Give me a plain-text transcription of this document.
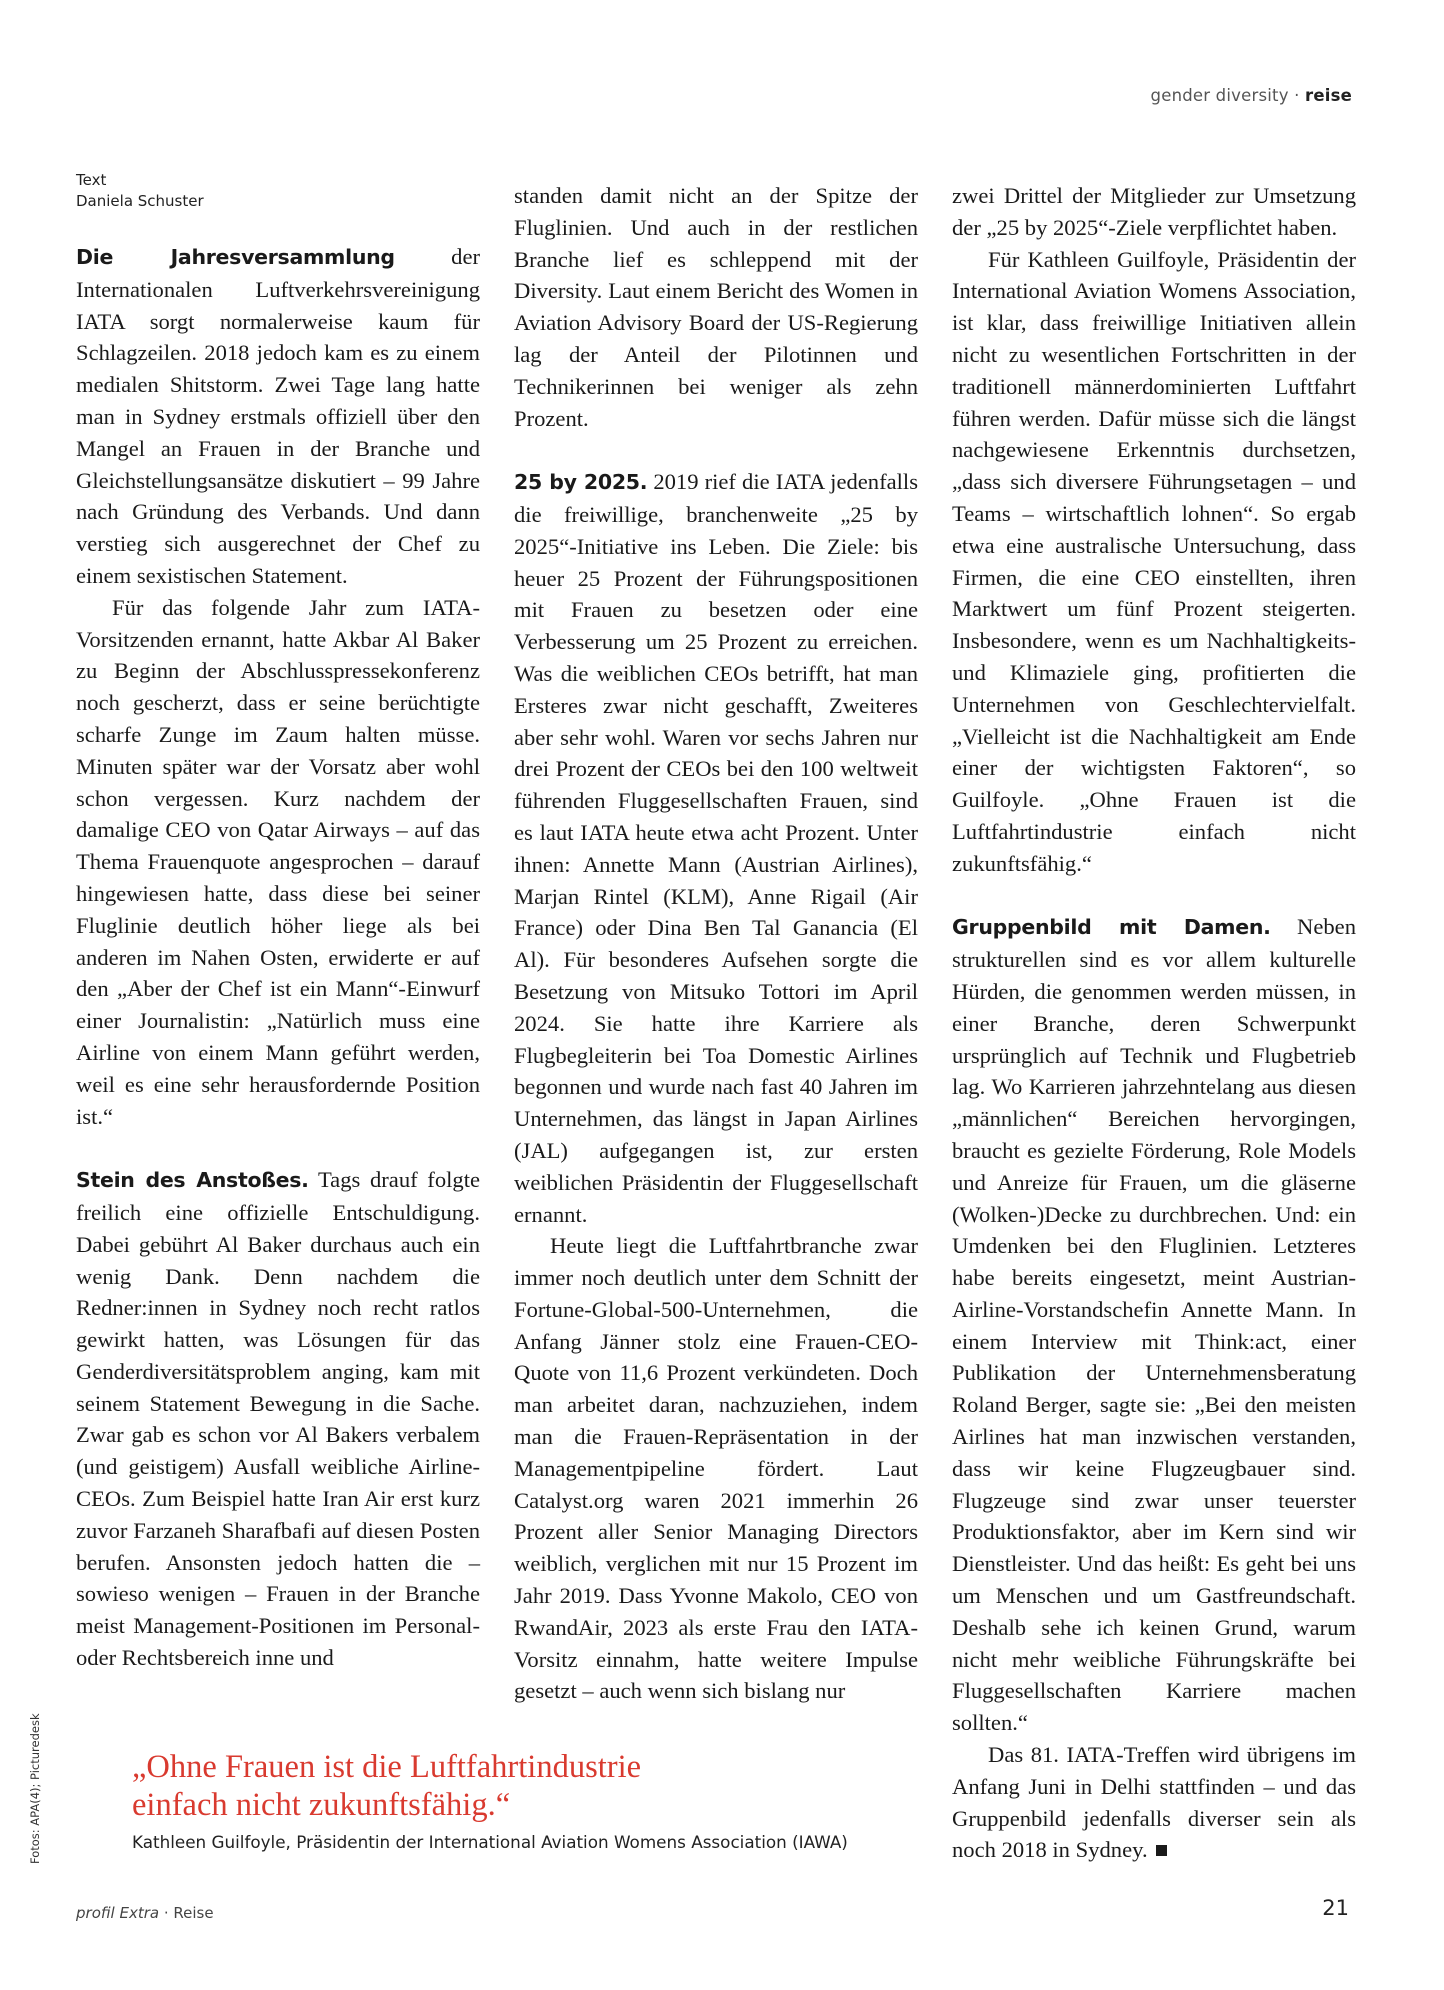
gender diversity · reise
Text
Daniela Schuster

Die Jahresversammlung der Internationalen Luftverkehrsvereinigung IATA sorgt normalerweise kaum für Schlagzeilen. 2018 jedoch kam es zu einem medialen Shitstorm. Zwei Tage lang hatte man in Sydney erstmals offiziell über den Mangel an Frauen in der Branche und Gleichstellungsansätze diskutiert – 99 Jahre nach Gründung des Verbands. Und dann verstieg sich ausgerechnet der Chef zu einem sexistischen Statement.

Für das folgende Jahr zum IATA-Vorsitzenden ernannt, hatte Akbar Al Baker zu Beginn der Abschlusspressekonferenz noch gescherzt, dass er seine berüchtigte scharfe Zunge im Zaum halten müsse. Minuten später war der Vorsatz aber wohl schon vergessen. Kurz nachdem der damalige CEO von Qatar Airways – auf das Thema Frauenquote angesprochen – darauf hingewiesen hatte, dass diese bei seiner Fluglinie deutlich höher liege als bei anderen im Nahen Osten, erwiderte er auf den „Aber der Chef ist ein Mann“-Einwurf einer Journalistin: „Natürlich muss eine Airline von einem Mann geführt werden, weil es eine sehr herausfordernde Position ist.“

Stein des Anstoßes. Tags drauf folgte freilich eine offizielle Entschuldigung. Dabei gebührt Al Baker durchaus auch ein wenig Dank. Denn nachdem die Redner:innen in Sydney noch recht ratlos gewirkt hatten, was Lösungen für das Genderdiversitätsproblem anging, kam mit seinem Statement Bewegung in die Sache. Zwar gab es schon vor Al Bakers verbalem (und geistigem) Ausfall weibliche Airline-CEOs. Zum Beispiel hatte Iran Air erst kurz zuvor Farzaneh Sharafbafi auf diesen Posten berufen. Ansonsten jedoch hatten die – sowieso wenigen – Frauen in der Branche meist Management-Positionen im Personal- oder Rechtsbereich inne und

standen damit nicht an der Spitze der Fluglinien. Und auch in der restlichen Branche lief es schleppend mit der Diversity. Laut einem Bericht des Women in Aviation Advisory Board der US-Regierung lag der Anteil der Pilotinnen und Technikerinnen bei weniger als zehn Prozent.

25 by 2025. 2019 rief die IATA jedenfalls die freiwillige, branchenweite „25 by 2025“-Initiative ins Leben. Die Ziele: bis heuer 25 Prozent der Führungspositionen mit Frauen zu besetzen oder eine Verbesserung um 25 Prozent zu erreichen. Was die weiblichen CEOs betrifft, hat man Ersteres zwar nicht geschafft, Zweiteres aber sehr wohl. Waren vor sechs Jahren nur drei Prozent der CEOs bei den 100 weltweit führenden Fluggesellschaften Frauen, sind es laut IATA heute etwa acht Prozent. Unter ihnen: Annette Mann (Austrian Airlines), Marjan Rintel (KLM), Anne Rigail (Air France) oder Dina Ben Tal Ganancia (El Al). Für besonderes Aufsehen sorgte die Besetzung von Mitsuko Tottori im April 2024. Sie hatte ihre Karriere als Flugbegleiterin bei Toa Domestic Airlines begonnen und wurde nach fast 40 Jahren im Unternehmen, das längst in Japan Airlines (JAL) aufgegangen ist, zur ersten weiblichen Präsidentin der Fluggesellschaft ernannt.

Heute liegt die Luftfahrtbranche zwar immer noch deutlich unter dem Schnitt der Fortune-Global-500-Unternehmen, die Anfang Jänner stolz eine Frauen-CEO-Quote von 11,6 Prozent verkündeten. Doch man arbeitet daran, nachzuziehen, indem man die Frauen-Repräsentation in der Managementpipeline fördert. Laut Catalyst.org waren 2021 immerhin 26 Prozent aller Senior Managing Directors weiblich, verglichen mit nur 15 Prozent im Jahr 2019. Dass Yvonne Makolo, CEO von RwandAir, 2023 als erste Frau den IATA-Vorsitz einnahm, hatte weitere Impulse gesetzt – auch wenn sich bislang nur

zwei Drittel der Mitglieder zur Umsetzung der „25 by 2025“-Ziele verpflichtet haben.

Für Kathleen Guilfoyle, Präsidentin der International Aviation Womens Association, ist klar, dass freiwillige Initiativen allein nicht zu wesentlichen Fortschritten in der traditionell männerdominierten Luftfahrt führen werden. Dafür müsse sich die längst nachgewiesene Erkenntnis durchsetzen, „dass sich diversere Führungsetagen – und Teams – wirtschaftlich lohnen“. So ergab etwa eine australische Untersuchung, dass Firmen, die eine CEO einstellten, ihren Marktwert um fünf Prozent steigerten. Insbesondere, wenn es um Nachhaltigkeits- und Klimaziele ging, profitierten die Unternehmen von Geschlechtervielfalt. „Vielleicht ist die Nachhaltigkeit am Ende einer der wichtigsten Faktoren“, so Guilfoyle. „Ohne Frauen ist die Luftfahrtindustrie einfach nicht zukunftsfähig.“

Gruppenbild mit Damen. Neben strukturellen sind es vor allem kulturelle Hürden, die genommen werden müssen, in einer Branche, deren Schwerpunkt ursprünglich auf Technik und Flugbetrieb lag. Wo Karrieren jahrzehntelang aus diesen „männlichen“ Bereichen hervorgingen, braucht es gezielte Förderung, Role Models und Anreize für Frauen, um die gläserne (Wolken-)Decke zu durchbrechen. Und: ein Umdenken bei den Fluglinien. Letzteres habe bereits eingesetzt, meint Austrian-Airline-Vorstandschefin Annette Mann. In einem Interview mit Think:act, einer Publikation der Unternehmensberatung Roland Berger, sagte sie: „Bei den meisten Airlines hat man inzwischen verstanden, dass wir keine Flugzeugbauer sind. Flugzeuge sind zwar unser teuerster Produktionsfaktor, aber im Kern sind wir Dienstleister. Und das heißt: Es geht bei uns um Menschen und um Gastfreundschaft. Deshalb sehe ich keinen Grund, warum nicht mehr weibliche Führungskräfte bei Fluggesellschaften Karriere machen sollten.“

Das 81. IATA-Treffen wird übrigens im Anfang Juni in Delhi stattfinden – und das Gruppenbild jedenfalls diverser sein als noch 2018 in Sydney.

„Ohne Frauen ist die Luftfahrtindustrie
einfach nicht zukunftsfähig.“

Kathleen Guilfoyle, Präsidentin der International Aviation Womens Association (IAWA)
Fotos: APA(4); Picturedesk
profil Extra · Reise	21
